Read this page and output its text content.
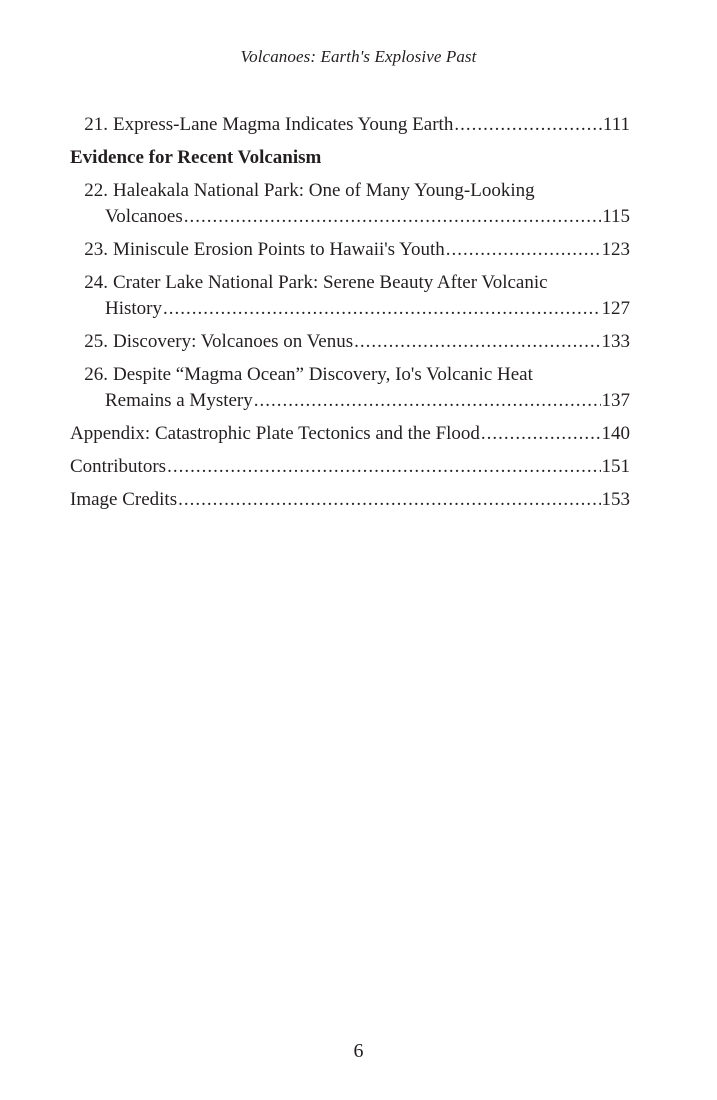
Volcanoes: Earth's Explosive Past
21. Express-Lane Magma Indicates Young Earth .....	111
Evidence for Recent Volcanism
22. Haleakala National Park: One of Many Young-Looking
Volcanoes .....	115
23. Miniscule Erosion Points to Hawaii's Youth .....	123
24. Crater Lake National Park: Serene Beauty After Volcanic
History .....	127
25. Discovery: Volcanoes on Venus .....	133
26. Despite “Magma Ocean” Discovery, Io's Volcanic Heat
Remains a Mystery .....	137
Appendix: Catastrophic Plate Tectonics and the Flood .....	140
Contributors .....	151
Image Credits .....	153
6
